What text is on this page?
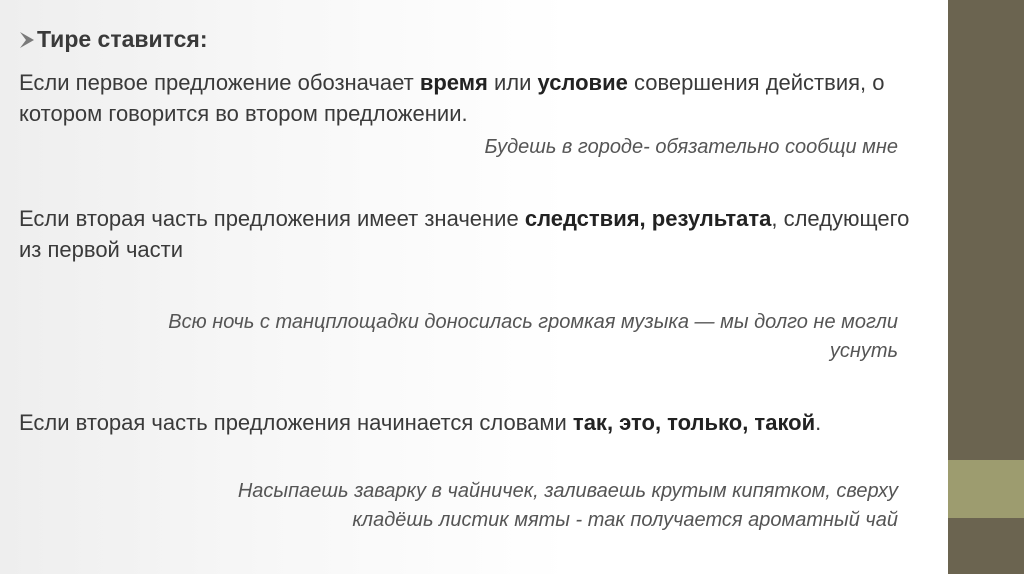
Тире ставится:
Если первое предложение обозначает время или условие совершения действия, о котором говорится во втором предложении.
Будешь в городе- обязательно сообщи мне
Если вторая часть предложения имеет значение следствия, результата, следующего из первой части
Всю ночь с танцплощадки доносилась громкая музыка — мы долго не могли
уснуть
Если вторая часть предложения начинается словами так, это, только, такой.
Насыпаешь заварку в чайничек, заливаешь крутым кипятком, сверху
кладёшь листик мяты - так получается ароматный чай
